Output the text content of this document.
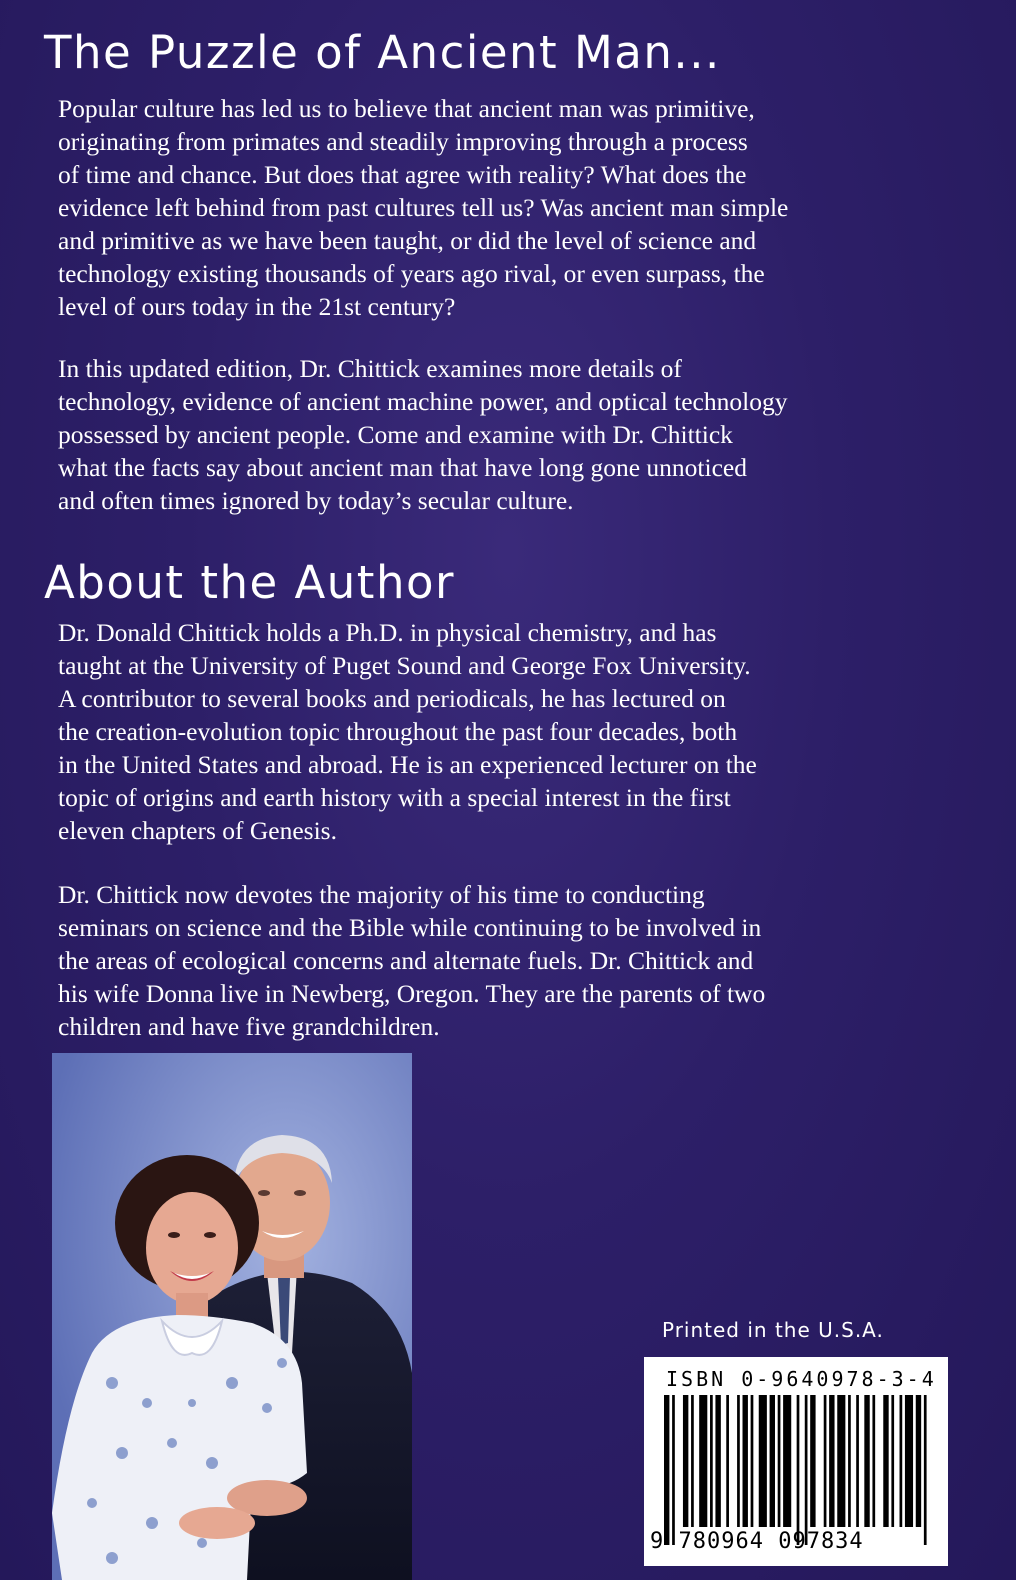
The Puzzle of Ancient Man...

Popular culture has led us to believe that ancient man was primitive,
originating from primates and steadily improving through a process
of time and chance. But does that agree with reality? What does the
evidence left behind from past cultures tell us? Was ancient man simple
and primitive as we have been taught, or did the level of science and
technology existing thousands of years ago rival, or even surpass, the
level of ours today in the 21st century?

In this updated edition, Dr. Chittick examines more details of
technology, evidence of ancient machine power, and optical technology
possessed by ancient people. Come and examine with Dr. Chittick
what the facts say about ancient man that have long gone unnoticed
and often times ignored by today’s secular culture.

About the Author

Dr. Donald Chittick holds a Ph.D. in physical chemistry, and has
taught at the University of Puget Sound and George Fox University.
A contributor to several books and periodicals, he has lectured on
the creation-evolution topic throughout the past four decades, both
in the United States and abroad. He is an experienced lecturer on the
topic of origins and earth history with a special interest in the first
eleven chapters of Genesis.

Dr. Chittick now devotes the majority of his time to conducting
seminars on science and the Bible while continuing to be involved in
the areas of ecological concerns and alternate fuels. Dr. Chittick and
his wife Donna live in Newberg, Oregon. They are the parents of two
children and have five grandchildren.

Printed in the U.S.A.

ISBN 0-9640978-3-4

9 780964 097834
